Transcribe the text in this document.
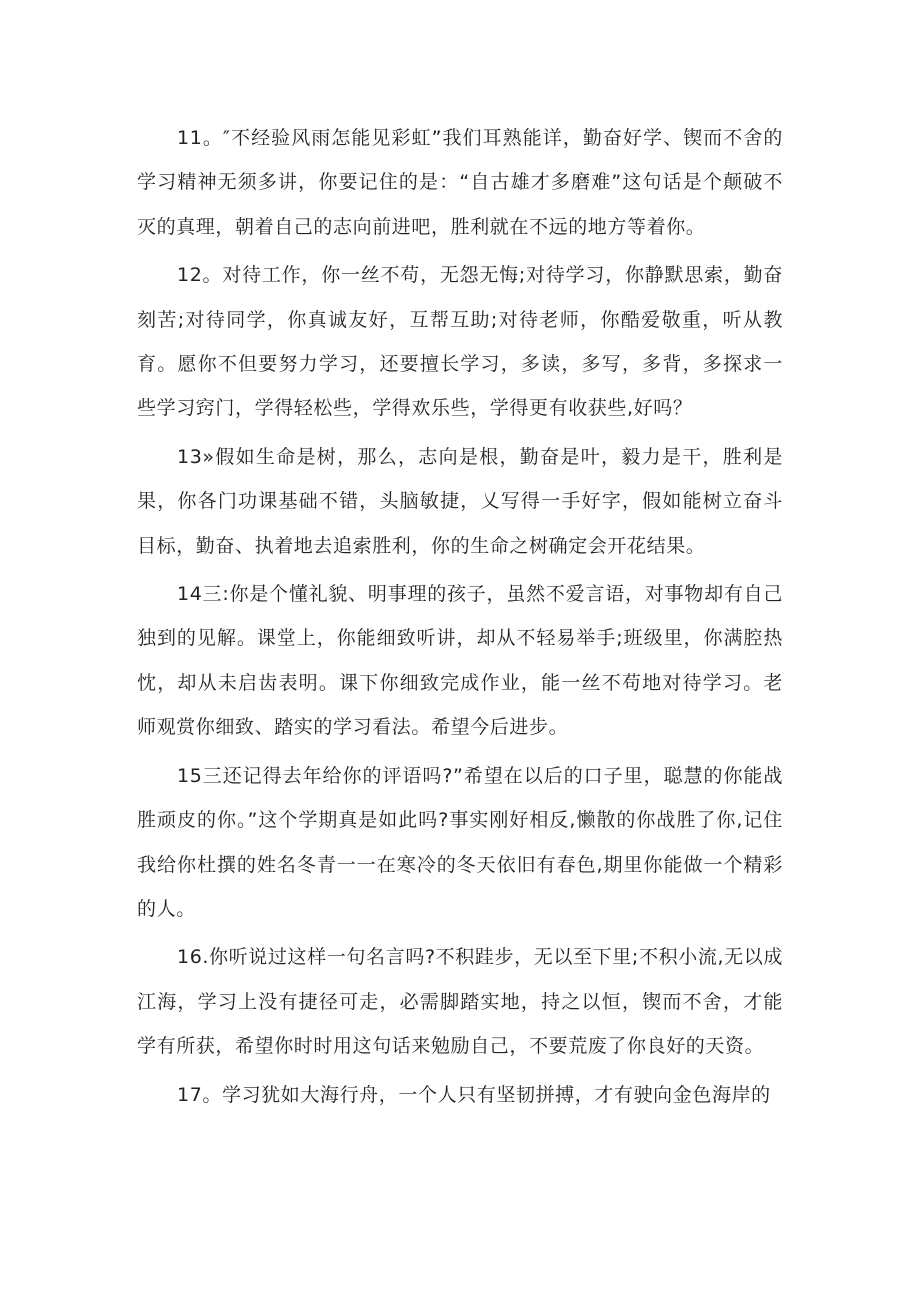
11。″不经验风雨怎能见彩虹”我们耳熟能详，勤奋好学、锲而不舍的学习精神无须多讲，你要记住的是：“自古雄才多磨难”这句话是个颠破不灭的真理，朝着自己的志向前进吧，胜利就在不远的地方等着你。

12。对待工作，你一丝不苟，无怨无悔;对待学习，你静默思索，勤奋刻苦;对待同学，你真诚友好，互帮互助;对待老师，你酷爱敬重，听从教育。愿你不但要努力学习，还要擅长学习，多读，多写，多背，多探求一些学习窍门，学得轻松些，学得欢乐些，学得更有收获些,好吗？

13»假如生命是树，那么，志向是根，勤奋是叶，毅力是干，胜利是果，你各门功课基础不错，头脑敏捷，乂写得一手好字，假如能树立奋斗目标，勤奋、执着地去追索胜利，你的生命之树确定会开花结果。

14三:你是个懂礼貌、明事理的孩子，虽然不爱言语，对事物却有自己独到的见解。课堂上，你能细致听讲，却从不轻易举手;班级里，你满腔热忱，却从未启齿表明。课下你细致完成作业，能一丝不苟地对待学习。老师观赏你细致、踏实的学习看法。希望今后进步。

15三还记得去年给你的评语吗?”希望在以后的口子里，聪慧的你能战胜顽皮的你。”这个学期真是如此吗?事实刚好相反,懒散的你战胜了你,记住我给你杜撰的姓名冬青一一在寒冷的冬天依旧有春色,期里你能做一个精彩的人。

16.你听说过这样一句名言吗?不积跬步，无以至下里;不积小流,无以成江海，学习上没有捷径可走，必需脚踏实地，持之以恒，锲而不舍，才能学有所获，希望你时时用这句话来勉励自己，不要荒废了你良好的天资。

17。学习犹如大海行舟，一个人只有坚韧拼搏，才有驶向金色海岸的
